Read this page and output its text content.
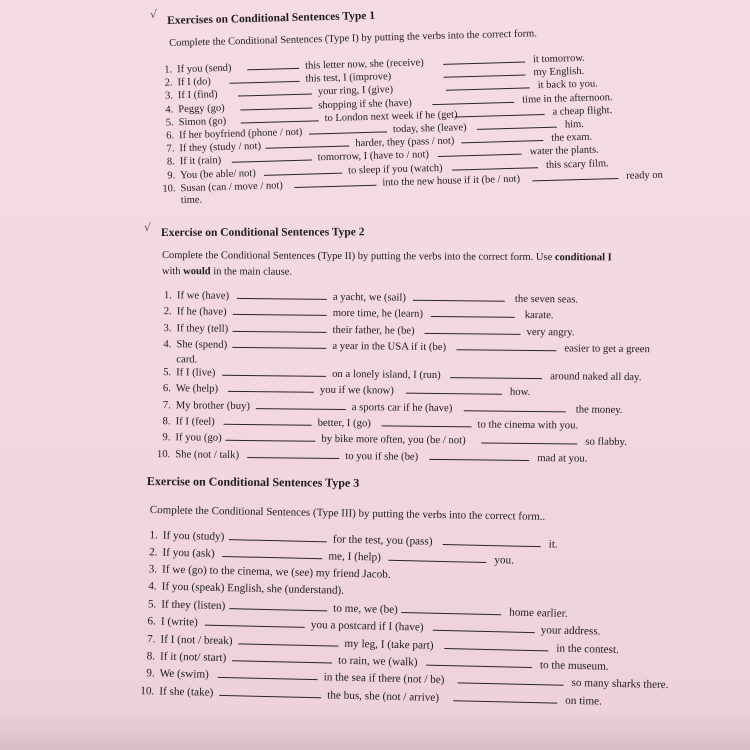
√
√
Exercises on Conditional Sentences Type 1
Complete the Conditional Sentences (Type I) by putting the verbs into the correct form.
1. If you (send)	this letter now, she (receive)	it tomorrow.
2. If I (do)	this test, I (improve)	my English.
3. If I (find)	your ring, I (give)	it back to you.
4. Peggy (go)	shopping if she (have)	time in the afternoon.
5. Simon (go)	to London next week if he (get)	a cheap flight.
6. If her boyfriend (phone / not)	today, she (leave)	him.
7. If they (study / not)	harder, they (pass / not)	the exam.
8. If it (rain)	tomorrow, I (have to / not)	water the plants.
9. You (be able/ not)	to sleep if you (watch)	this scary film.
10. Susan (can / move / not)	into the new house if it (be / not)	ready on
time.
Exercise on Conditional Sentences Type 2
Complete the Conditional Sentences (Type II) by putting the verbs into the correct form. Use conditional I
with would in the main clause.
1. If we (have)	a yacht, we (sail)	the seven seas.
2. If he (have)	more time, he (learn)	karate.
3. If they (tell)	their father, he (be)	very angry.
4. She (spend)	a year in the USA if it (be)	easier to get a green
card.
5. If I (live)	on a lonely island, I (run)	around naked all day.
6. We (help)	you if we (know)	how.
7. My brother (buy)	a sports car if he (have)	the money.
8. If I (feel)	better, I (go)	to the cinema with you.
9. If you (go)	by bike more often, you (be / not)	so flabby.
10. She (not / talk)	to you if she (be)	mad at you.
Exercise on Conditional Sentences Type 3
Complete the Conditional Sentences (Type III) by putting the verbs into the correct form..
1. If you (study)	for the test, you (pass)	it.
2. If you (ask)	me, I (help)	you.
3. If we (go) to the cinema, we (see) my friend Jacob.
4. If you (speak) English, she (understand).
5. If they (listen)	to me, we (be)	home earlier.
6. I (write)	you a postcard if I (have)	your address.
7. If I (not / break)	my leg, I (take part)	in the contest.
8. If it (not/ start)	to rain, we (walk)	to the museum.
9. We (swim)	in the sea if there (not / be)	so many sharks there.
10. If she (take)	the bus, she (not / arrive)	on time.
